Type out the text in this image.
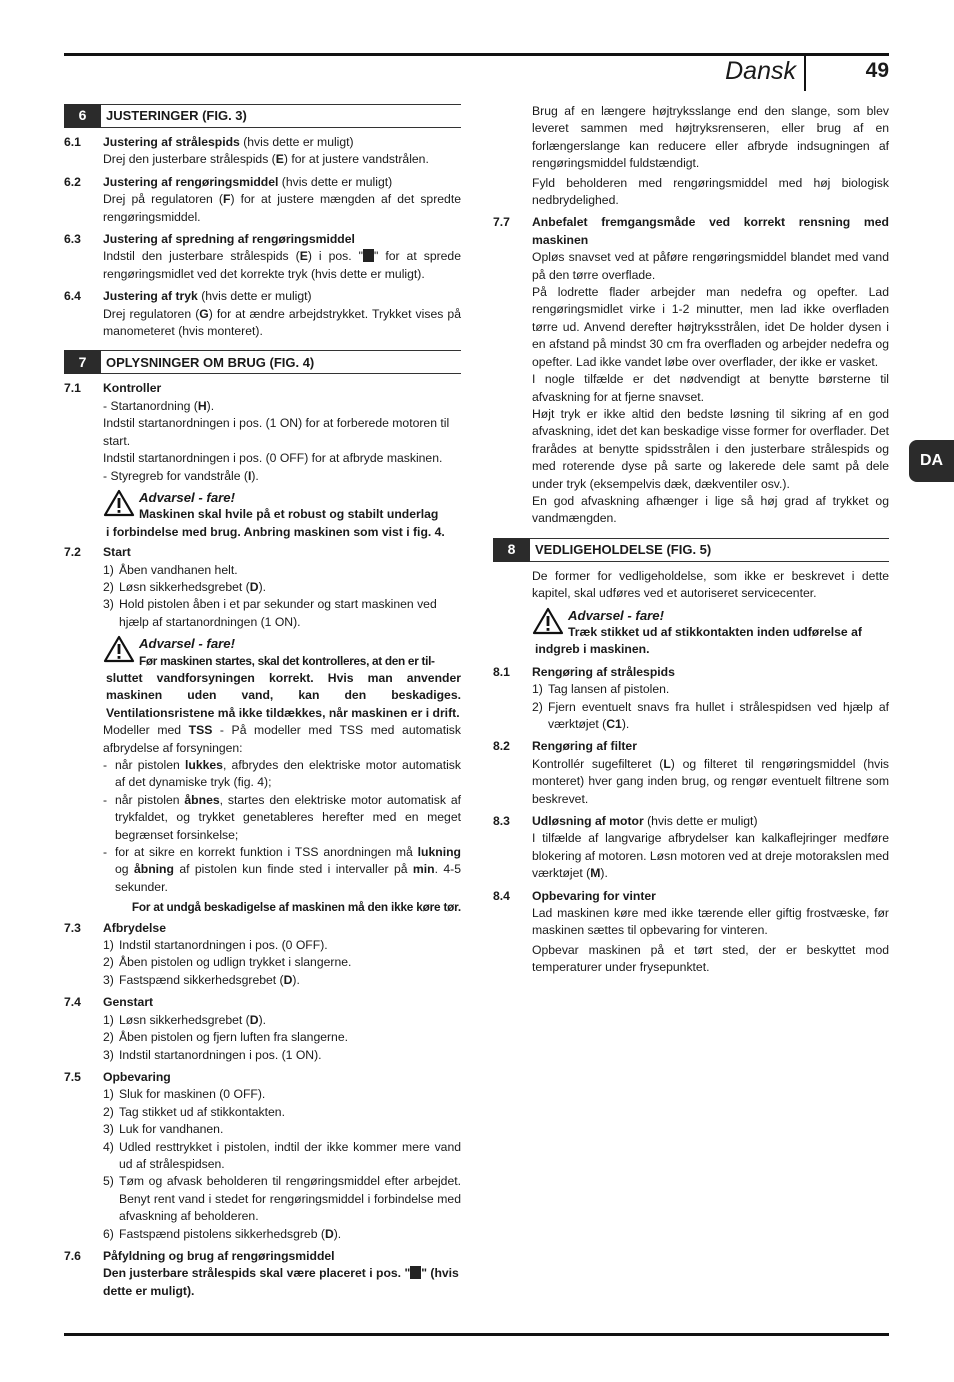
Dansk	49
DA
6	JUSTERINGER (FIG. 3)
6.1	Justering af strålespids (hvis dette er muligt)
Drej den justerbare strålespids (E) for at justere vandstrålen.
6.2	Justering af rengøringsmiddel (hvis dette er muligt)
Drej på regulatoren (F) for at justere mængden af det spredte rengøringsmiddel.
6.3	Justering af spredning af rengøringsmiddel
Indstil den justerbare strålespids (E) i pos. " " for at sprede rengøringsmidlet ved det korrekte tryk (hvis dette er muligt).
6.4	Justering af tryk (hvis dette er muligt)
Drej regulatoren (G) for at ændre arbejdstrykket. Trykket vises på manometeret (hvis monteret).
7	OPLYSNINGER OM BRUG (FIG. 4)
7.1	Kontroller
- Startanordning (H).
Indstil startanordningen i pos. (1 ON) for at forberede motoren til start.
Indstil startanordningen i pos. (0 OFF) for at afbryde maskinen.
- Styregreb for vandstråle (I).
Advarsel - fare!
Maskinen skal hvile på et robust og stabilt underlag
i forbindelse med brug. Anbring maskinen som vist i fig. 4.
7.2	Start
1) Åben vandhanen helt.
2) Løsn sikkerhedsgrebet (D).
3) Hold pistolen åben i et par sekunder og start maskinen ved hjælp af startanordningen (1 ON).
Advarsel - fare!
Før maskinen startes, skal det kontrolleres, at den er til-
sluttet vandforsyningen korrekt. Hvis man anvender maskinen uden vand, kan den beskadiges. Ventilationsristene må ikke tildækkes, når maskinen er i drift.
Modeller med TSS - På modeller med TSS med automatisk afbrydelse af forsyningen:
- når pistolen lukkes, afbrydes den elektriske motor automatisk af det dynamiske tryk (fig. 4);
- når pistolen åbnes, startes den elektriske motor automatisk af trykfaldet, og trykket genetableres herefter med en meget begrænset forsinkelse;
- for at sikre en korrekt funktion i TSS anordningen må lukning og åbning af pistolen kun finde sted i intervaller på min. 4-5 sekunder.
For at undgå beskadigelse af maskinen må den ikke køre tør.
7.3	Afbrydelse
1) Indstil startanordningen i pos. (0 OFF).
2) Åben pistolen og udlign trykket i slangerne.
3) Fastspænd sikkerhedsgrebet (D).
7.4	Genstart
1) Løsn sikkerhedsgrebet (D).
2) Åben pistolen og fjern luften fra slangerne.
3) Indstil startanordningen i pos. (1 ON).
7.5	Opbevaring
1) Sluk for maskinen (0 OFF).
2) Tag stikket ud af stikkontakten.
3) Luk for vandhanen.
4) Udled resttrykket i pistolen, indtil der ikke kommer mere vand ud af strålespidsen.
5) Tøm og afvask beholderen til rengøringsmiddel efter arbejdet. Benyt rent vand i stedet for rengøringsmiddel i forbindelse med afvaskning af beholderen.
6) Fastspænd pistolens sikkerhedsgreb (D).
7.6	Påfyldning og brug af rengøringsmiddel
Den justerbare strålespids skal være placeret i pos. " " (hvis dette er muligt).
Brug af en længere højtryksslange end den slange, som blev leveret sammen med højtryksrenseren, eller brug af en forlængerslange kan reducere eller afbryde indsugningen af rengøringsmiddel fuldstændigt.
Fyld beholderen med rengøringsmiddel med høj biologisk nedbrydelighed.
7.7	Anbefalet fremgangsmåde ved korrekt rensning med maskinen
Opløs snavset ved at påføre rengøringsmiddel blandet med vand på den tørre overflade.
På lodrette flader arbejder man nedefra og opefter. Lad rengøringsmidlet virke i 1-2 minutter, men lad ikke overfladen tørre ud. Anvend derefter højtryksstrålen, idet De holder dysen i en afstand på mindst 30 cm fra overfladen og arbejder nedefra og opefter. Lad ikke vandet løbe over overflader, der ikke er vasket.
I nogle tilfælde er det nødvendigt at benytte børsterne til afvaskning for at fjerne snavset.
Højt tryk er ikke altid den bedste løsning til sikring af en god afvaskning, idet det kan beskadige visse former for overflader. Det frarådes at benytte spidsstrålen i den justerbare strålespids og med roterende dyse på sarte og lakerede dele samt på dele under tryk (eksempelvis dæk, dækventiler osv.).
En god afvaskning afhænger i lige så høj grad af trykket og vandmængden.
8	VEDLIGEHOLDELSE (FIG. 5)
De former for vedligeholdelse, som ikke er beskrevet i dette kapitel, skal udføres ved et autoriseret servicecenter.
Advarsel - fare!
Træk stikket ud af stikkontakten inden udførelse af
indgreb i maskinen.
8.1	Rengøring af strålespids
1) Tag lansen af pistolen.
2) Fjern eventuelt snavs fra hullet i strålespidsen ved hjælp af værktøjet (C1).
8.2	Rengøring af filter
Kontrollér sugefilteret (L) og filteret til rengøringsmiddel (hvis monteret) hver gang inden brug, og rengør eventuelt filtrene som beskrevet.
8.3	Udløsning af motor (hvis dette er muligt)
I tilfælde af langvarige afbrydelser kan kalkaflejringer medføre blokering af motoren. Løsn motoren ved at dreje motorakslen med værktøjet (M).
8.4	Opbevaring for vinter
Lad maskinen køre med ikke tærende eller giftig frostvæske, før maskinen sættes til opbevaring for vinteren.
Opbevar maskinen på et tørt sted, der er beskyttet mod temperaturer under frysepunktet.
